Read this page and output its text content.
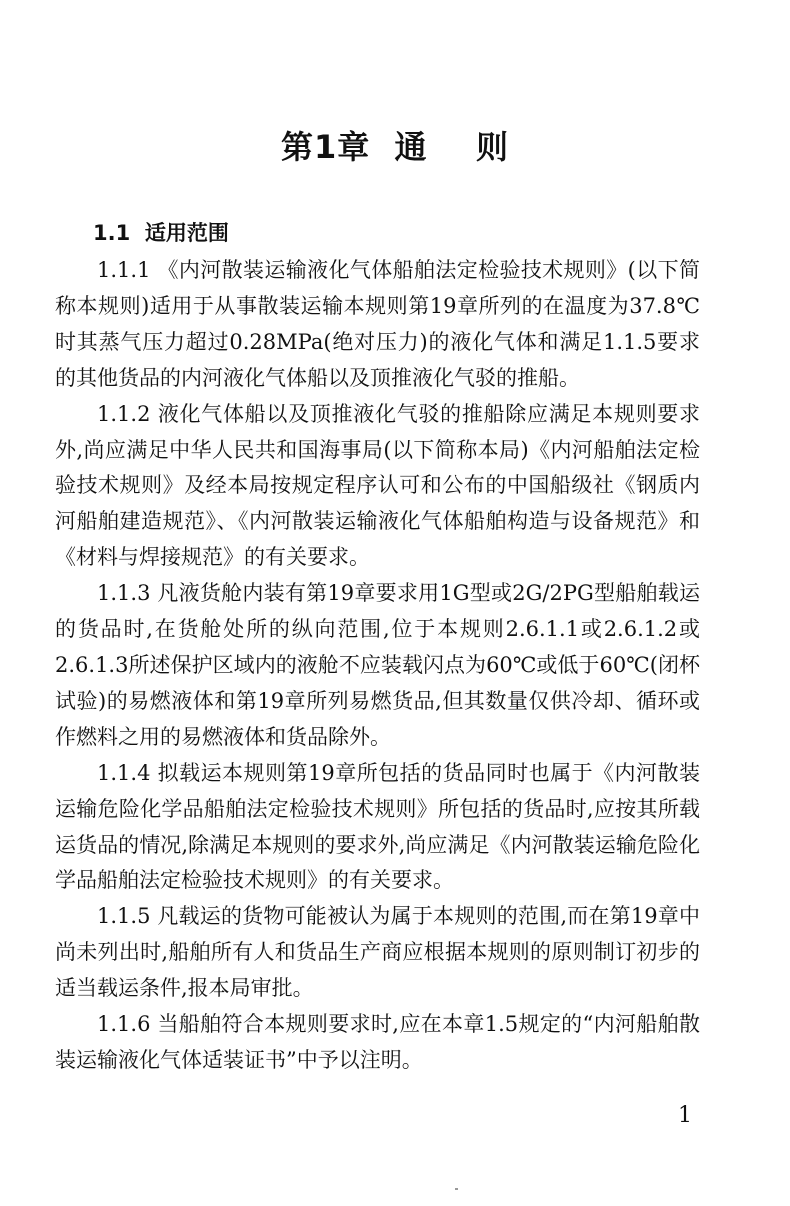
第1章  通    则
1.1  适用范围

1.1.1 《内河散装运输液化气体船舶法定检验技术规则》(以下简称本规则)适用于从事散装运输本规则第19章所列的在温度为37.8℃时其蒸气压力超过0.28MPa(绝对压力)的液化气体和满足1.1.5要求的其他货品的内河液化气体船以及顶推液化气驳的推船。

1.1.2 液化气体船以及顶推液化气驳的推船除应满足本规则要求外,尚应满足中华人民共和国海事局(以下简称本局)《内河船舶法定检验技术规则》及经本局按规定程序认可和公布的中国船级社《钢质内河船舶建造规范》、《内河散装运输液化气体船舶构造与设备规范》和《材料与焊接规范》的有关要求。

1.1.3 凡液货舱内装有第19章要求用1G型或2G/2PG型船舶载运的货品时,在货舱处所的纵向范围,位于本规则2.6.1.1或2.6.1.2或2.6.1.3所述保护区域内的液舱不应装载闪点为60℃或低于60℃(闭杯试验)的易燃液体和第19章所列易燃货品,但其数量仅供冷却、循环或作燃料之用的易燃液体和货品除外。

1.1.4 拟载运本规则第19章所包括的货品同时也属于《内河散装运输危险化学品船舶法定检验技术规则》所包括的货品时,应按其所载运货品的情况,除满足本规则的要求外,尚应满足《内河散装运输危险化学品船舶法定检验技术规则》的有关要求。

1.1.5 凡载运的货物可能被认为属于本规则的范围,而在第19章中尚未列出时,船舶所有人和货品生产商应根据本规则的原则制订初步的适当载运条件,报本局审批。

1.1.6 当船舶符合本规则要求时,应在本章1.5规定的“内河船舶散装运输液化气体适装证书”中予以注明。

1
